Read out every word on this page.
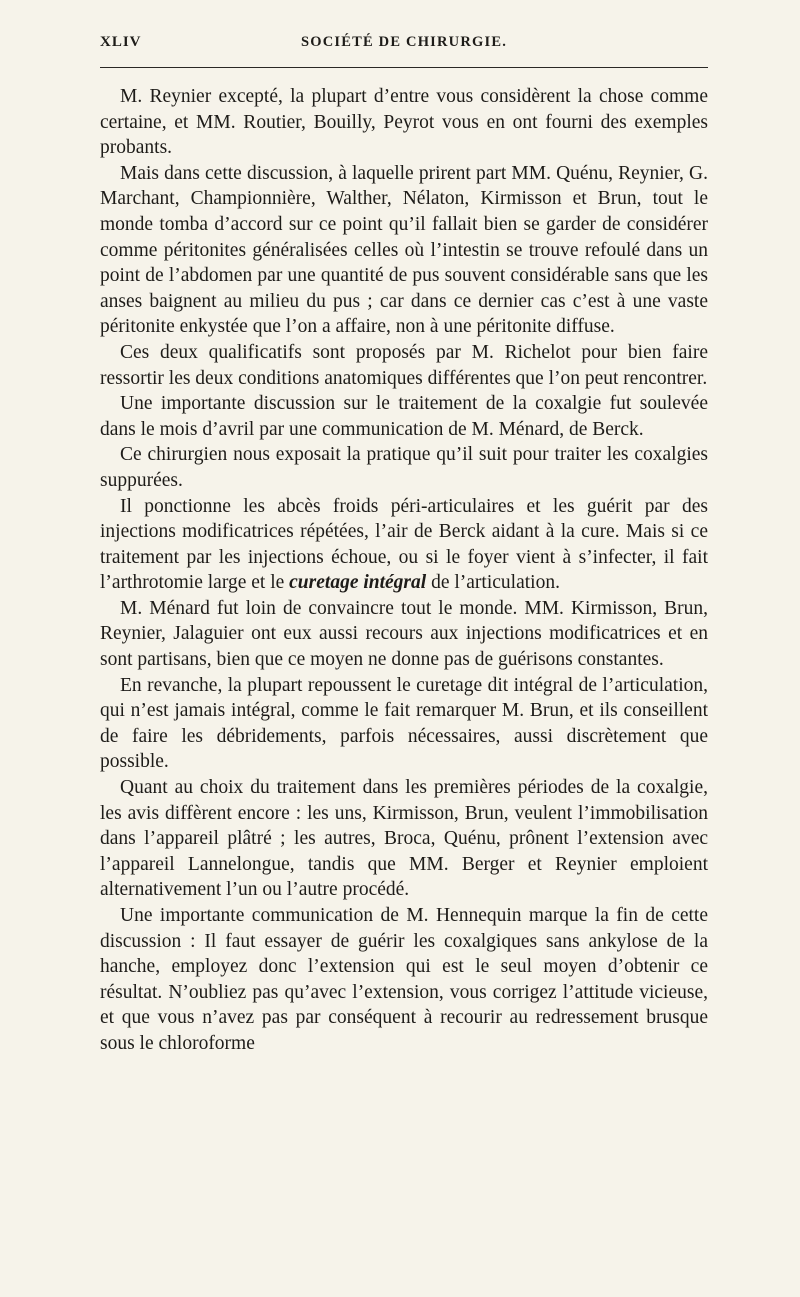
XLIV	SOCIÉTÉ DE CHIRURGIE.

M. Reynier excepté, la plupart d’entre vous considèrent la chose comme certaine, et MM. Routier, Bouilly, Peyrot vous en ont fourni des exemples probants.

Mais dans cette discussion, à laquelle prirent part MM. Quénu, Reynier, G. Marchant, Championnière, Walther, Nélaton, Kirmisson et Brun, tout le monde tomba d’accord sur ce point qu’il fallait bien se garder de considérer comme péritonites généralisées celles où l’intestin se trouve refoulé dans un point de l’abdomen par une quantité de pus souvent considérable sans que les anses baignent au milieu du pus ; car dans ce dernier cas c’est à une vaste péritonite enkystée que l’on a affaire, non à une péritonite diffuse.

Ces deux qualificatifs sont proposés par M. Richelot pour bien faire ressortir les deux conditions anatomiques différentes que l’on peut rencontrer.

Une importante discussion sur le traitement de la coxalgie fut soulevée dans le mois d’avril par une communication de M. Ménard, de Berck.

Ce chirurgien nous exposait la pratique qu’il suit pour traiter les coxalgies suppurées.

Il ponctionne les abcès froids péri-articulaires et les guérit par des injections modificatrices répétées, l’air de Berck aidant à la cure. Mais si ce traitement par les injections échoue, ou si le foyer vient à s’infecter, il fait l’arthrotomie large et le curetage intégral de l’articulation.

M. Ménard fut loin de convaincre tout le monde. MM. Kirmisson, Brun, Reynier, Jalaguier ont eux aussi recours aux injections modificatrices et en sont partisans, bien que ce moyen ne donne pas de guérisons constantes.

En revanche, la plupart repoussent le curetage dit intégral de l’articulation, qui n’est jamais intégral, comme le fait remarquer M. Brun, et ils conseillent de faire les débridements, parfois nécessaires, aussi discrètement que possible.

Quant au choix du traitement dans les premières périodes de la coxalgie, les avis diffèrent encore : les uns, Kirmisson, Brun, veulent l’immobilisation dans l’appareil plâtré ; les autres, Broca, Quénu, prônent l’extension avec l’appareil Lannelongue, tandis que MM. Berger et Reynier emploient alternativement l’un ou l’autre procédé.

Une importante communication de M. Hennequin marque la fin de cette discussion : Il faut essayer de guérir les coxalgiques sans ankylose de la hanche, employez donc l’extension qui est le seul moyen d’obtenir ce résultat. N’oubliez pas qu’avec l’extension, vous corrigez l’attitude vicieuse, et que vous n’avez pas par conséquent à recourir au redressement brusque sous le chloroforme
